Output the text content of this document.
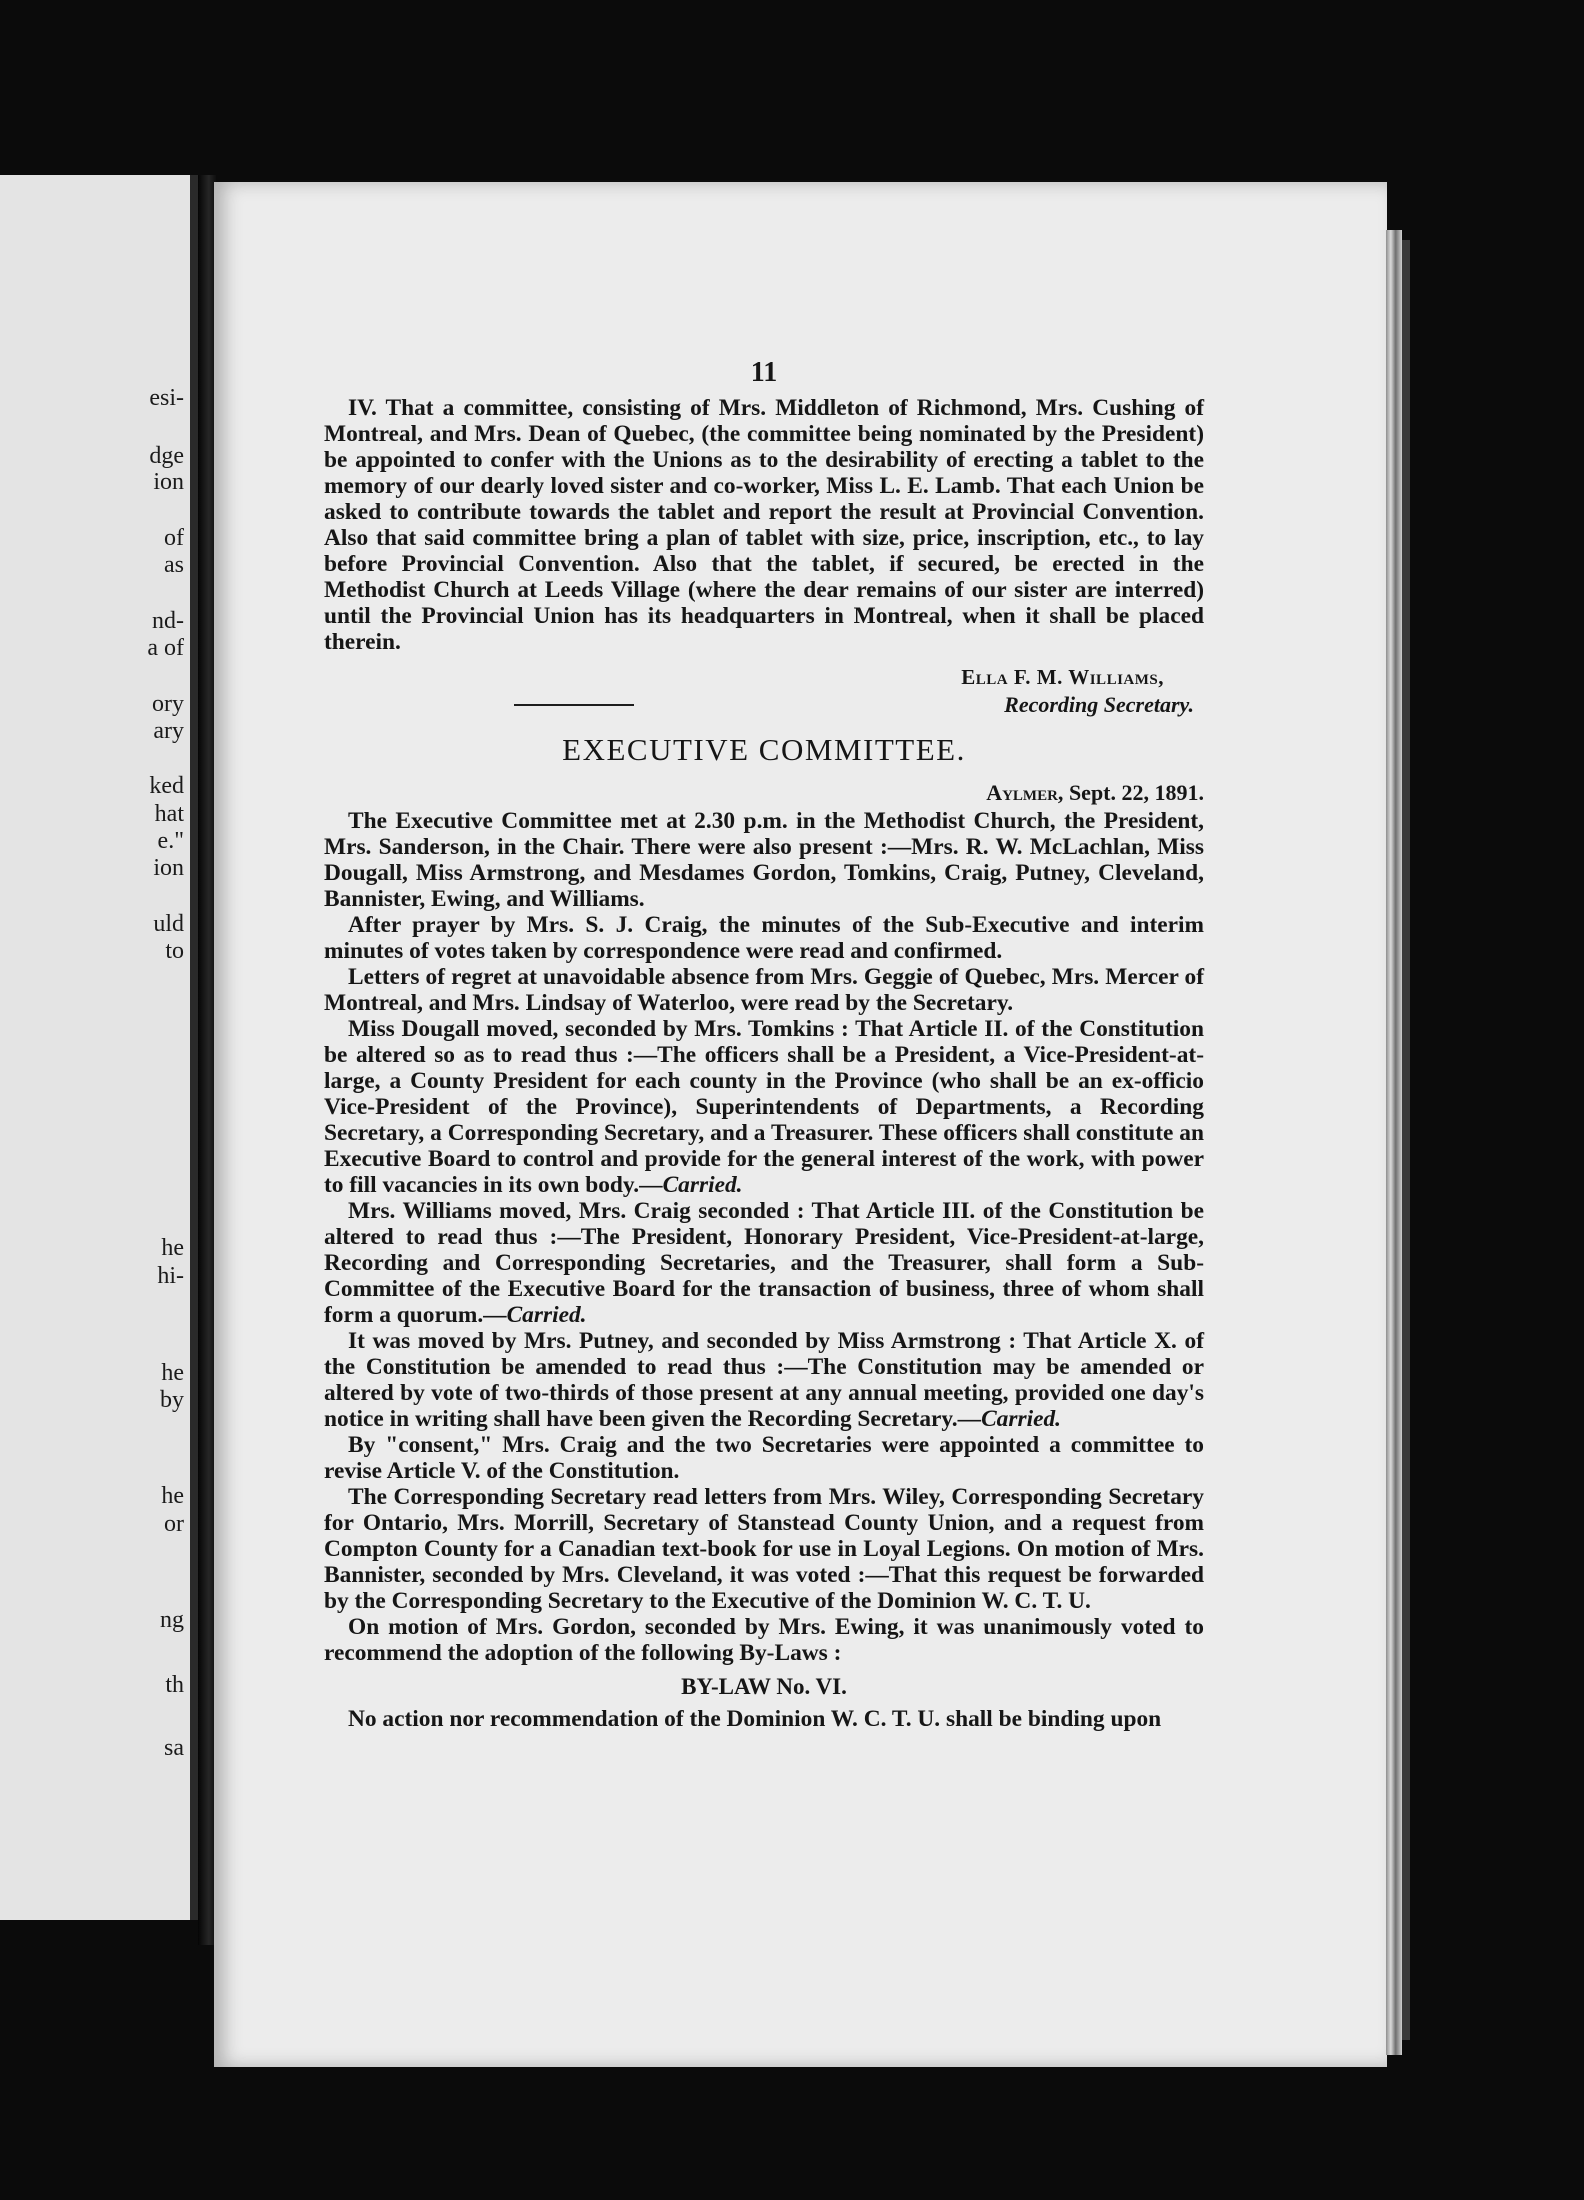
esi-
dge
ion
of
as
nd-
a of
ory
ary
ked
hat
e."
ion
uld
to
he
hi-
he
by
he
or
ng
th
sa
11

IV. That a committee, consisting of Mrs. Middleton of Richmond, Mrs. Cushing of Montreal, and Mrs. Dean of Quebec, (the committee being nominated by the President) be appointed to confer with the Unions as to the desirability of erecting a tablet to the memory of our dearly loved sister and co-worker, Miss L. E. Lamb. That each Union be asked to contribute towards the tablet and report the result at Provincial Convention. Also that said committee bring a plan of tablet with size, price, inscription, etc., to lay before Provincial Convention. Also that the tablet, if secured, be erected in the Methodist Church at Leeds Village (where the dear remains of our sister are interred) until the Provincial Union has its headquarters in Montreal, when it shall be placed therein.

Ella F. M. Williams,
Recording Secretary.
EXECUTIVE COMMITTEE.
Aylmer, Sept. 22, 1891.

The Executive Committee met at 2.30 p.m. in the Methodist Church, the President, Mrs. Sanderson, in the Chair. There were also present :—Mrs. R. W. McLachlan, Miss Dougall, Miss Armstrong, and Mesdames Gordon, Tomkins, Craig, Putney, Cleveland, Bannister, Ewing, and Williams.

After prayer by Mrs. S. J. Craig, the minutes of the Sub-Executive and interim minutes of votes taken by correspondence were read and confirmed.

Letters of regret at unavoidable absence from Mrs. Geggie of Quebec, Mrs. Mercer of Montreal, and Mrs. Lindsay of Waterloo, were read by the Secretary.

Miss Dougall moved, seconded by Mrs. Tomkins : That Article II. of the Constitution be altered so as to read thus :—The officers shall be a President, a Vice-President-at-large, a County President for each county in the Province (who shall be an ex-officio Vice-President of the Province), Superintendents of Departments, a Recording Secretary, a Corresponding Secretary, and a Treasurer. These officers shall constitute an Executive Board to control and provide for the general interest of the work, with power to fill vacancies in its own body.—Carried.

Mrs. Williams moved, Mrs. Craig seconded : That Article III. of the Constitution be altered to read thus :—The President, Honorary President, Vice-President-at-large, Recording and Corresponding Secretaries, and the Treasurer, shall form a Sub-Committee of the Executive Board for the transaction of business, three of whom shall form a quorum.—Carried.

It was moved by Mrs. Putney, and seconded by Miss Armstrong : That Article X. of the Constitution be amended to read thus :—The Constitution may be amended or altered by vote of two-thirds of those present at any annual meeting, provided one day's notice in writing shall have been given the Recording Secretary.—Carried.

By "consent," Mrs. Craig and the two Secretaries were appointed a committee to revise Article V. of the Constitution.

The Corresponding Secretary read letters from Mrs. Wiley, Corresponding Secretary for Ontario, Mrs. Morrill, Secretary of Stanstead County Union, and a request from Compton County for a Canadian text-book for use in Loyal Legions. On motion of Mrs. Bannister, seconded by Mrs. Cleveland, it was voted :—That this request be forwarded by the Corresponding Secretary to the Executive of the Dominion W. C. T. U.

On motion of Mrs. Gordon, seconded by Mrs. Ewing, it was unanimously voted to recommend the adoption of the following By-Laws :

BY-LAW No. VI.

No action nor recommendation of the Dominion W. C. T. U. shall be binding upon
